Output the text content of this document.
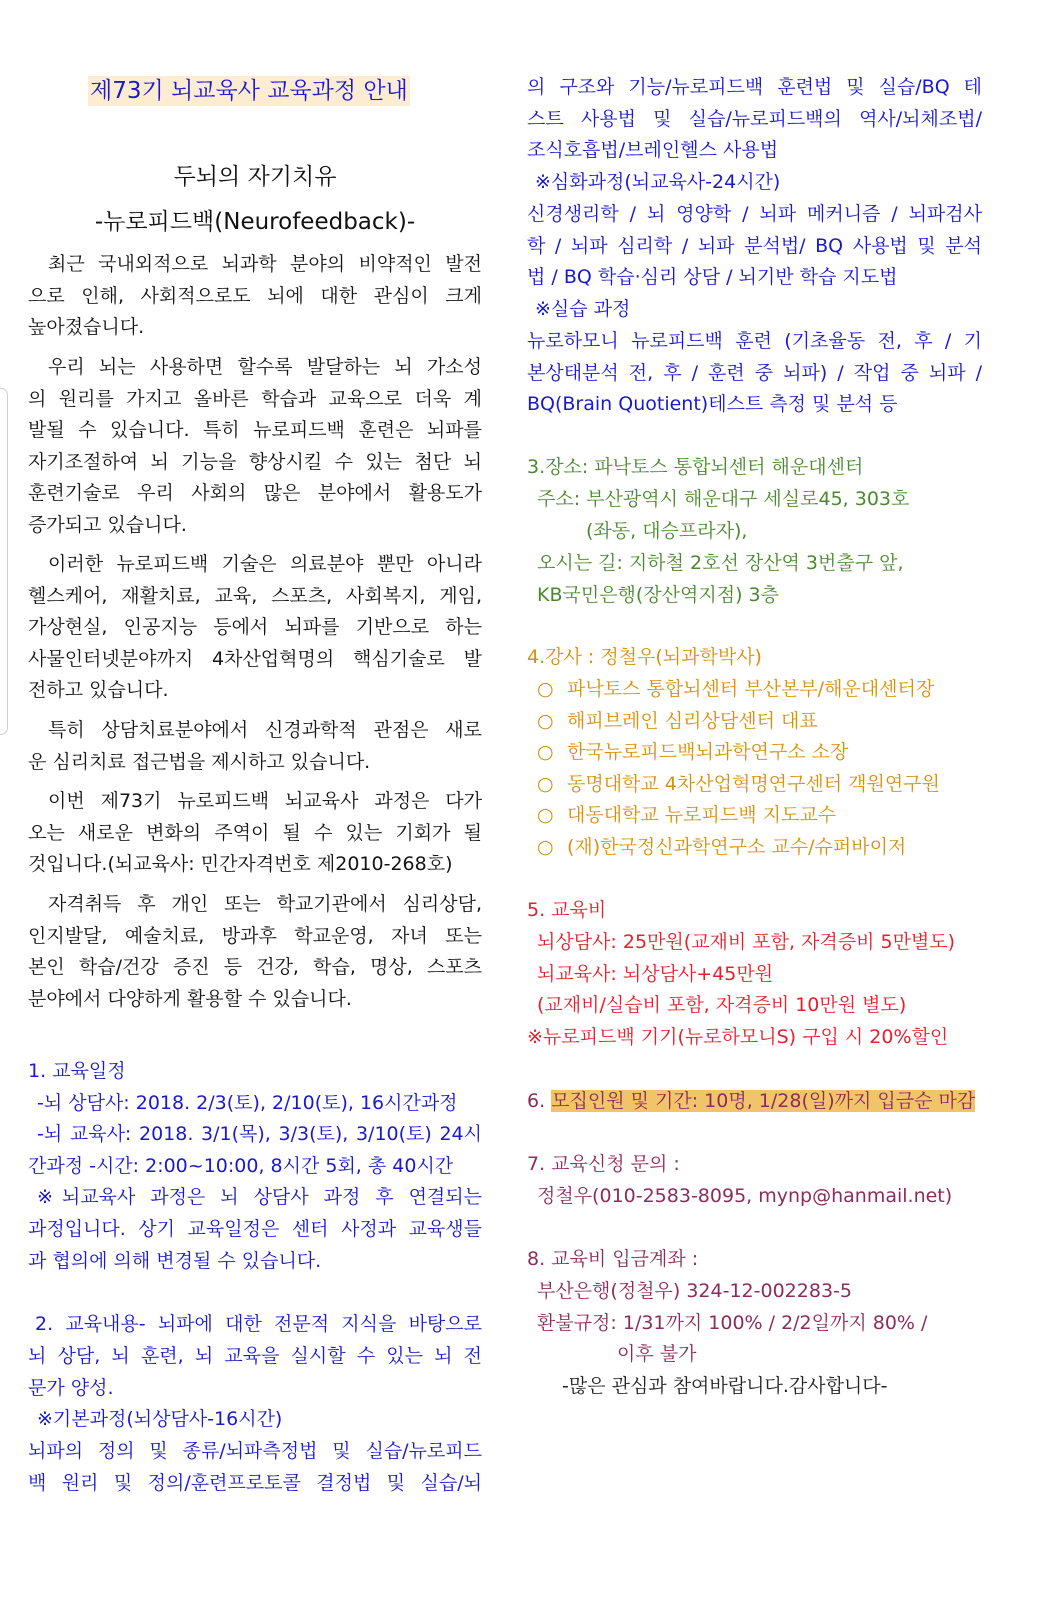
제73기 뇌교육사 교육과정 안내
두뇌의 자기치유
-뉴로피드백(Neurofeedback)-
최근 국내외적으로 뇌과학 분야의 비약적인 발전
으로 인해, 사회적으로도 뇌에 대한 관심이 크게
높아졌습니다.
우리 뇌는 사용하면 할수록 발달하는 뇌 가소성
의 원리를 가지고 올바른 학습과 교육으로 더욱 계
발될 수 있습니다. 특히 뉴로피드백 훈련은 뇌파를
자기조절하여 뇌 기능을 향상시킬 수 있는 첨단 뇌
훈련기술로 우리 사회의 많은 분야에서 활용도가
증가되고 있습니다.
이러한 뉴로피드백 기술은 의료분야 뿐만 아니라
헬스케어, 재활치료, 교육, 스포츠, 사회복지, 게임,
가상현실, 인공지능 등에서 뇌파를 기반으로 하는
사물인터넷분야까지 4차산업혁명의 핵심기술로 발
전하고 있습니다.
특히 상담치료분야에서 신경과학적 관점은 새로
운 심리치료 접근법을 제시하고 있습니다.
이번 제73기 뉴로피드백 뇌교육사 과정은 다가
오는 새로운 변화의 주역이 될 수 있는 기회가 될
것입니다.(뇌교육사: 민간자격번호 제2010-268호)
자격취득 후 개인 또는 학교기관에서 심리상담,
인지발달, 예술치료, 방과후 학교운영, 자녀 또는
본인 학습/건강 증진 등 건강, 학습, 명상, 스포츠
분야에서 다양하게 활용할 수 있습니다.
1. 교육일정
-뇌 상담사: 2018. 2/3(토), 2/10(토), 16시간과정
-뇌 교육사: 2018. 3/1(목), 3/3(토), 3/10(토) 24시
간과정 -시간: 2:00~10:00, 8시간 5회, 총 40시간
※뇌교육사 과정은 뇌 상담사 과정 후 연결되는
과정입니다. 상기 교육일정은 센터 사정과 교육생들
과 협의에 의해 변경될 수 있습니다.
2. 교육내용- 뇌파에 대한 전문적 지식을 바탕으로
뇌 상담, 뇌 훈련, 뇌 교육을 실시할 수 있는 뇌 전
문가 양성.
※기본과정(뇌상담사-16시간)
뇌파의 정의 및 종류/뇌파측정법 및 실습/뉴로피드
백 원리 및 정의/훈련프로토콜 결정법 및 실습/뇌
의 구조와 기능/뉴로피드백 훈련법 및 실습/BQ 테
스트 사용법 및 실습/뉴로피드백의 역사/뇌체조법/
조식호흡법/브레인헬스 사용법
※심화과정(뇌교육사-24시간)
신경생리학 / 뇌 영양학 / 뇌파 메커니즘 / 뇌파검사
학 / 뇌파 심리학 / 뇌파 분석법/ BQ 사용법 및 분석
법 / BQ 학습·심리 상담 / 뇌기반 학습 지도법
※실습 과정
뉴로하모니 뉴로피드백 훈련 (기초율동 전, 후 / 기
본상태분석 전, 후 / 훈련 중 뇌파) / 작업 중 뇌파 /
BQ(Brain Quotient)테스트 측정 및 분석 등
3.장소: 파낙토스 통합뇌센터 해운대센터
주소: 부산광역시 해운대구 세실로45, 303호
(좌동, 대승프라자),
오시는 길: 지하철 2호선 장산역 3번출구 앞,
KB국민은행(장산역지점) 3층
4.강사 : 정철우(뇌과학박사)
○ 파낙토스 통합뇌센터 부산본부/해운대센터장
○ 해피브레인 심리상담센터 대표
○ 한국뉴로피드백뇌과학연구소 소장
○ 동명대학교 4차산업혁명연구센터 객원연구원
○ 대동대학교 뉴로피드백 지도교수
○ (재)한국정신과학연구소 교수/슈퍼바이저
5. 교육비
뇌상담사: 25만원(교재비 포함, 자격증비 5만별도)
뇌교육사: 뇌상담사+45만원
(교재비/실습비 포함, 자격증비 10만원 별도)
※뉴로피드백 기기(뉴로하모니S) 구입 시 20%할인
6. 모집인원 및 기간: 10명, 1/28(일)까지 입금순 마감
7. 교육신청 문의 :
정철우(010-2583-8095, mynp@hanmail.net)
8. 교육비 입금계좌 :
부산은행(정철우) 324-12-002283-5
환불규정: 1/31까지 100% / 2/2일까지 80% /
이후 불가
-많은 관심과 참여바랍니다.감사합니다-
